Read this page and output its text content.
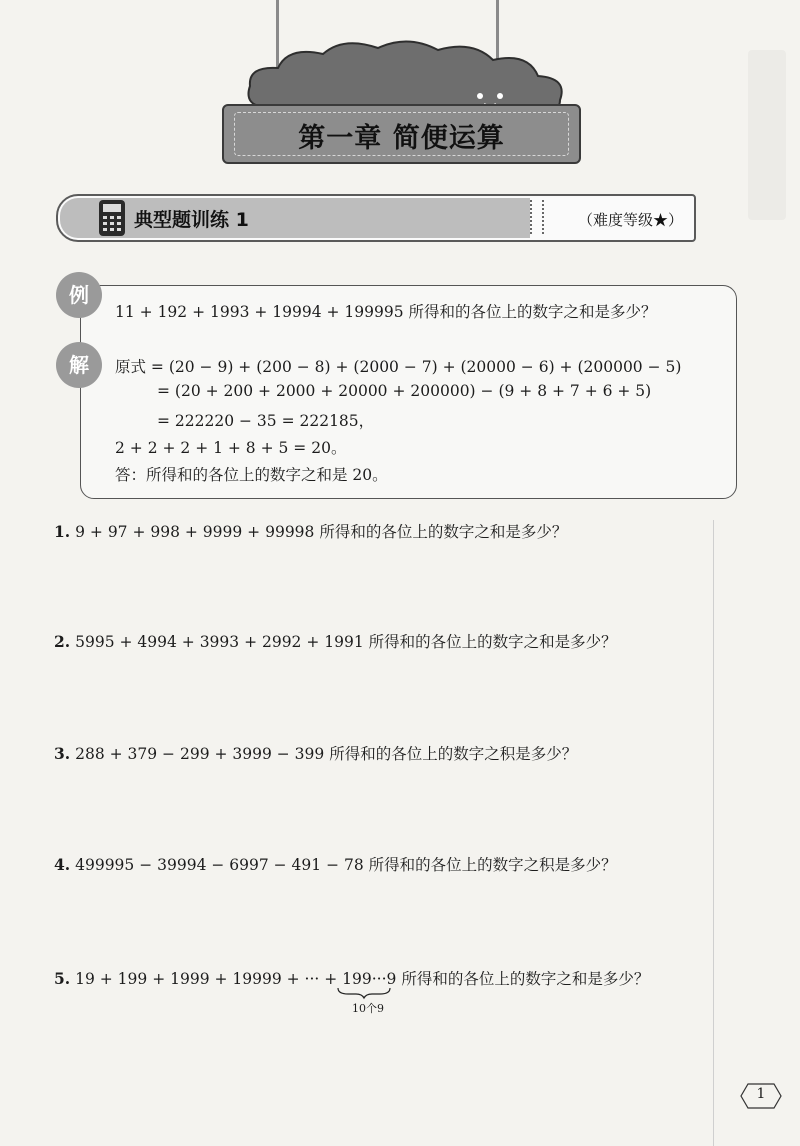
第一章 简便运算
典型题训练 1	（难度等级★）
例
11 + 192 + 1993 + 19994 + 199995 所得和的各位上的数字之和是多少？
解	原式 = (20 − 9) + (200 − 8) + (2000 − 7) + (20000 − 6) + (200000 − 5)
= (20 + 200 + 2000 + 20000 + 200000) − (9 + 8 + 7 + 6 + 5)
= 222220 − 35 = 222185，
2 + 2 + 2 + 1 + 8 + 5 = 20。
答：所得和的各位上的数字之和是 20。
1. 9 + 97 + 998 + 9999 + 99998 所得和的各位上的数字之和是多少？
2. 5995 + 4994 + 3993 + 2992 + 1991 所得和的各位上的数字之和是多少？
3. 288 + 379 − 299 + 3999 − 399 所得和的各位上的数字之积是多少？
4. 499995 − 39994 − 6997 − 491 − 78 所得和的各位上的数字之积是多少？
5. 19 + 199 + 1999 + 19999 + ··· + 199···9 所得和的各位上的数字之和是多少？
10个9
1
